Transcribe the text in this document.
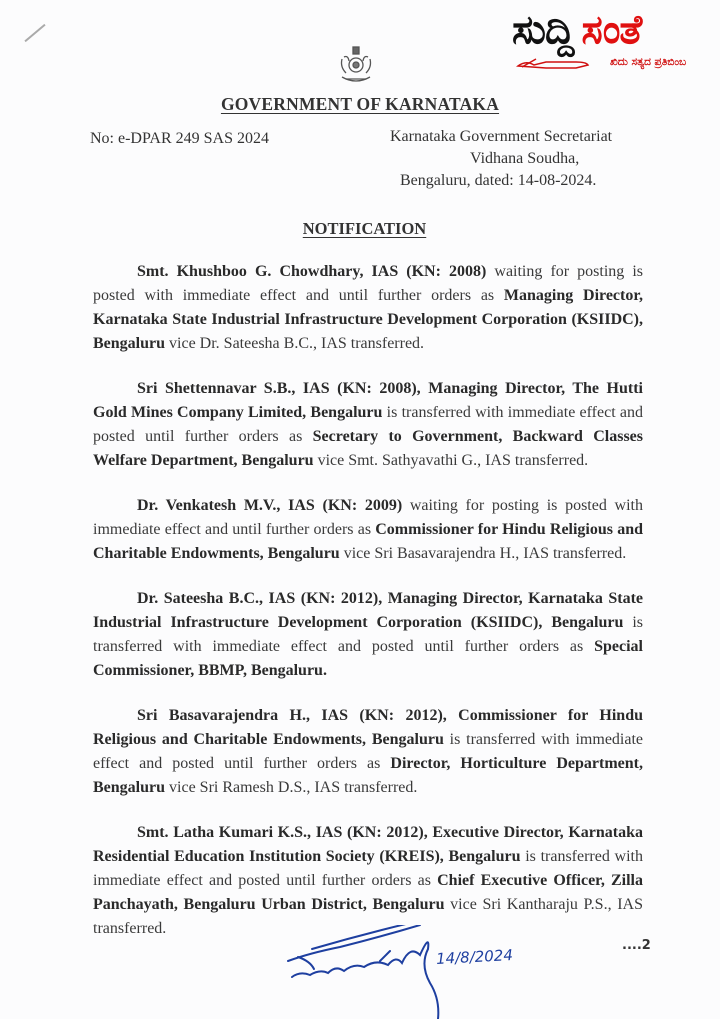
ಸುದ್ದಿ ಸಂತೆ
ಖಿದು ಸತ್ಯದ ಪ್ರತಿಬಿಂಬ
GOVERNMENT OF KARNATAKA
No: e-DPAR 249 SAS 2024	Karnataka Government Secretariat
Vidhana Soudha,
Bengaluru, dated: 14-08-2024.
NOTIFICATION

Smt. Khushboo G. Chowdhary, IAS (KN: 2008) waiting for posting is posted with immediate effect and until further orders as Managing Director, Karnataka State Industrial Infrastructure Development Corporation (KSIIDC), Bengaluru vice Dr. Sateesha B.C., IAS transferred.

Sri Shettennavar S.B., IAS (KN: 2008), Managing Director, The Hutti Gold Mines Company Limited, Bengaluru is transferred with immediate effect and posted until further orders as Secretary to Government, Backward Classes Welfare Department, Bengaluru vice Smt. Sathyavathi G., IAS transferred.

Dr. Venkatesh M.V., IAS (KN: 2009) waiting for posting is posted with immediate effect and until further orders as Commissioner for Hindu Religious and Charitable Endowments, Bengaluru vice Sri Basavarajendra H., IAS transferred.

Dr. Sateesha B.C., IAS (KN: 2012), Managing Director, Karnataka State Industrial Infrastructure Development Corporation (KSIIDC), Bengaluru is transferred with immediate effect and posted until further orders as Special Commissioner, BBMP, Bengaluru.

Sri Basavarajendra H., IAS (KN: 2012), Commissioner for Hindu Religious and Charitable Endowments, Bengaluru is transferred with immediate effect and posted until further orders as Director, Horticulture Department, Bengaluru vice Sri Ramesh D.S., IAS transferred.

Smt. Latha Kumari K.S., IAS (KN: 2012), Executive Director, Karnataka Residential Education Institution Society (KREIS), Bengaluru is transferred with immediate effect and posted until further orders as Chief Executive Officer, Zilla Panchayath, Bengaluru Urban District, Bengaluru vice Sri Kantharaju P.S., IAS transferred.

14/8/2024
....2
